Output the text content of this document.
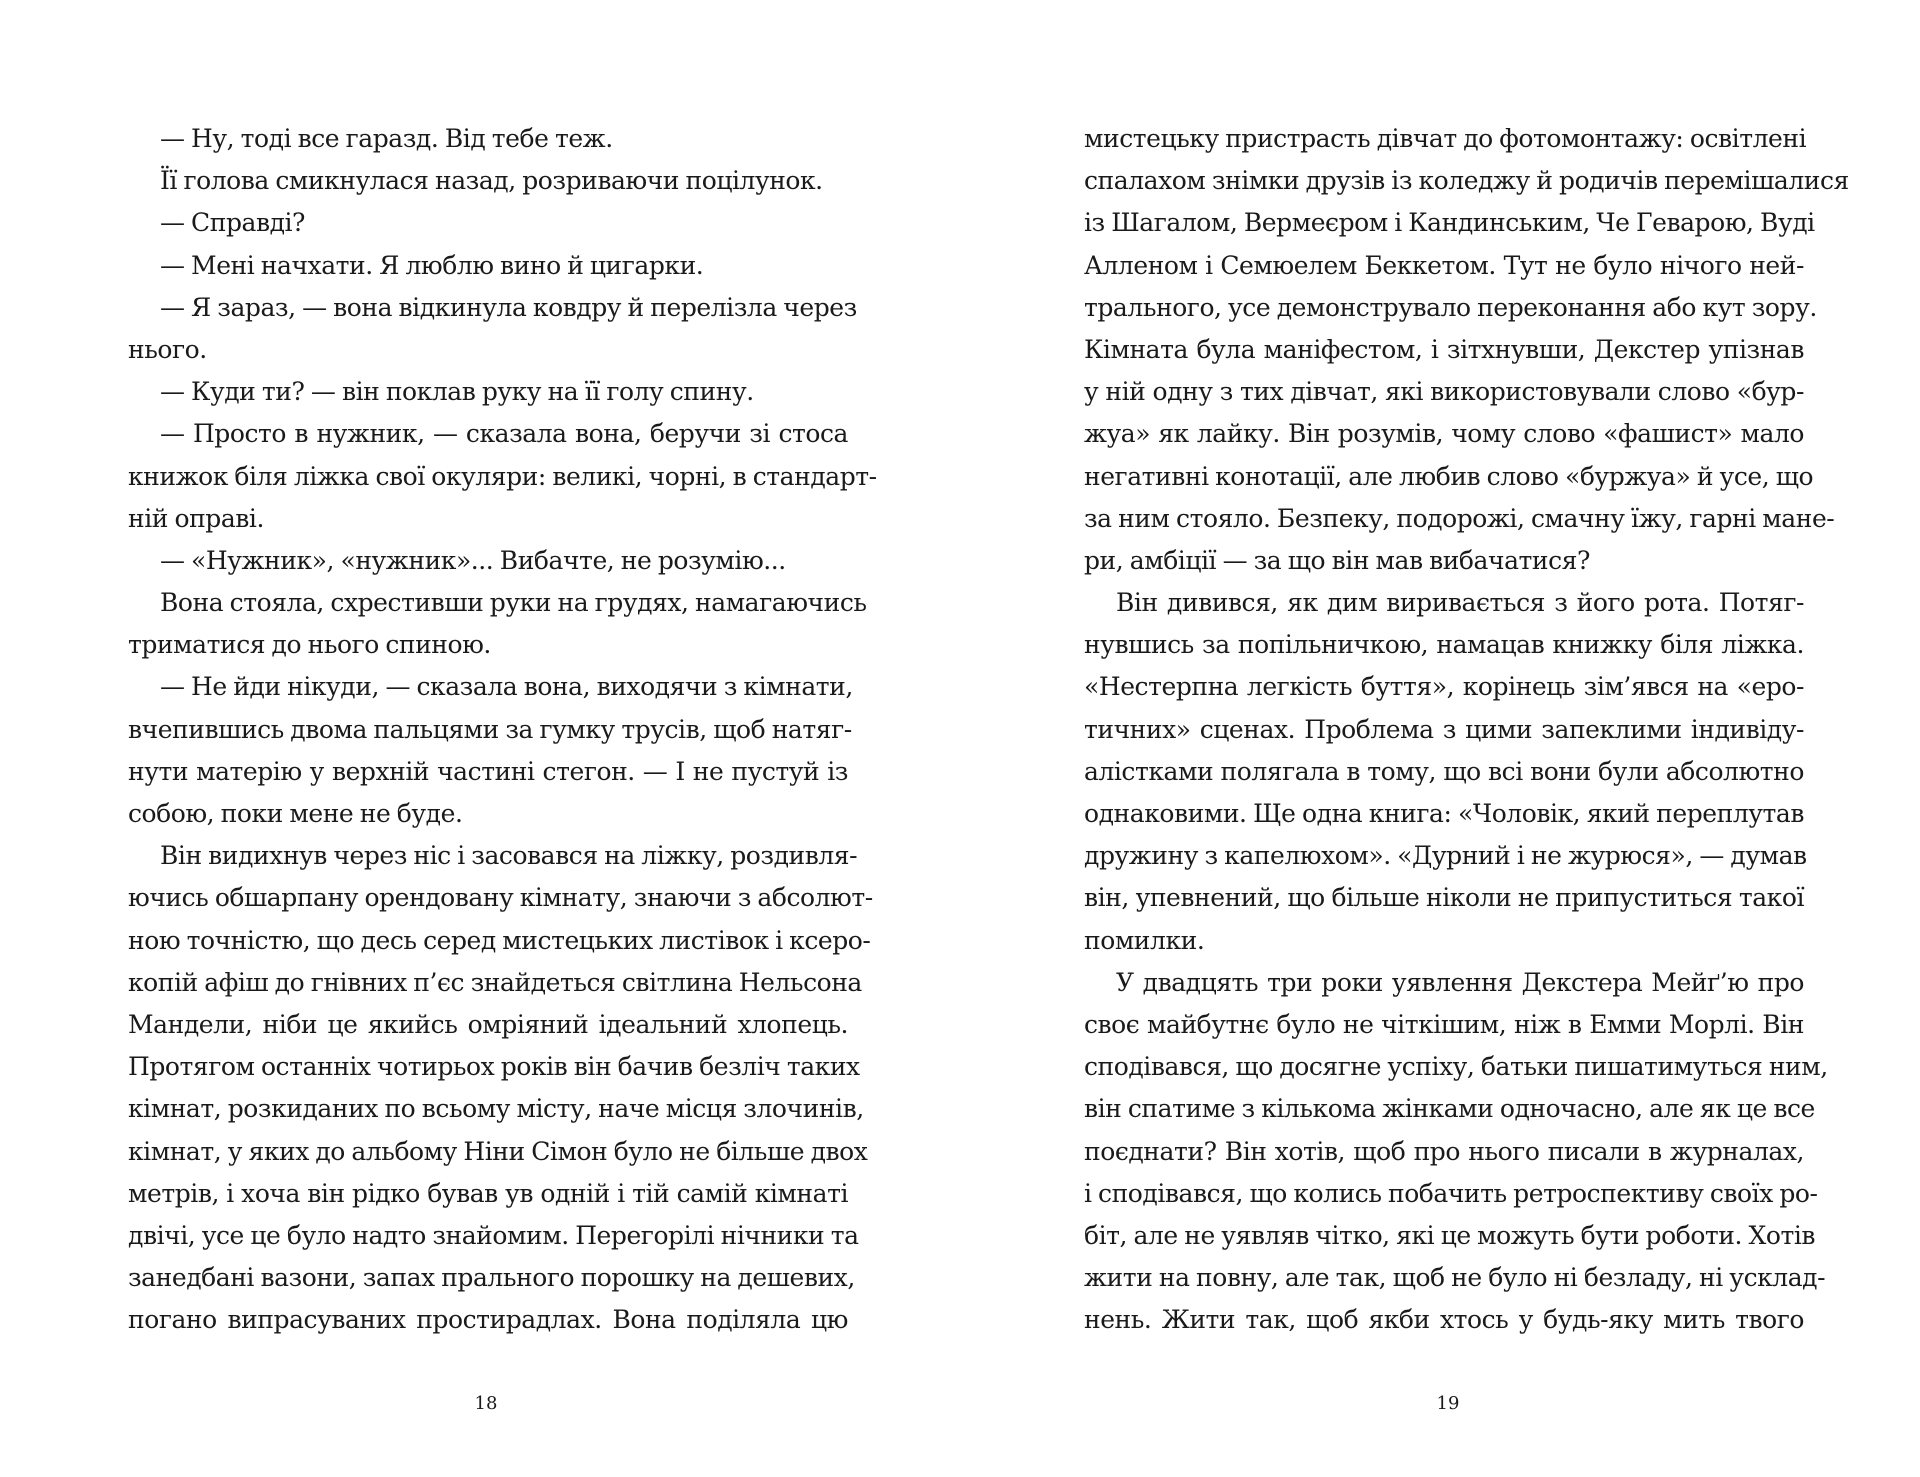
— Ну, тоді все гаразд. Від тебе теж.
Її голова смикнулася назад, розриваючи поцілунок.
— Справді?
— Мені начхати. Я люблю вино й цигарки.
— Я зараз, — вона відкинула ковдру й перелізла через
нього.
— Куди ти? — він поклав руку на її голу спину.
— Просто в нужник, — сказала вона, беручи зі стоса
книжок біля ліжка свої окуляри: великі, чорні, в стандарт-
ній оправі.
— «Нужник», «нужник»... Вибачте, не розумію...
Вона стояла, схрестивши руки на грудях, намагаючись
триматися до нього спиною.
— Не йди нікуди, — сказала вона, виходячи з кімнати,
вчепившись двома пальцями за гумку трусів, щоб натяг-
нути матерію у верхній частині стегон. — І не пустуй із
собою, поки мене не буде.
Він видихнув через ніс і засовався на ліжку, роздивля-
ючись обшарпану орендовану кімнату, знаючи з абсолют-
ною точністю, що десь серед мистецьких листівок і ксеро-
копій афіш до гнівних п’єс знайдеться світлина Нельсона
Мандели, ніби це якийсь омріяний ідеальний хлопець.
Протягом останніх чотирьох років він бачив безліч таких
кімнат, розкиданих по всьому місту, наче місця злочинів,
кімнат, у яких до альбому Ніни Сімон було не більше двох
метрів, і хоча він рідко бував ув одній і тій самій кімнаті
двічі, усе це було надто знайомим. Перегорілі нічники та
занедбані вазони, запах прального порошку на дешевих,
погано випрасуваних простирадлах. Вона поділяла цю
18
мистецьку пристрасть дівчат до фотомонтажу: освітлені
спалахом знімки друзів із коледжу й родичів перемішалися
із Шагалом, Вермеєром і Кандинським, Че Геварою, Вуді
Алленом і Семюелем Беккетом. Тут не було нічого ней-
трального, усе демонструвало переконання або кут зору.
Кімната була маніфестом, і зітхнувши, Декстер упізнав
у ній одну з тих дівчат, які використовували слово «бур-
жуа» як лайку. Він розумів, чому слово «фашист» мало
негативні конотації, але любив слово «буржуа» й усе, що
за ним стояло. Безпеку, подорожі, смачну їжу, гарні мане-
ри, амбіції — за що він мав вибачатися?
Він дивився, як дим виривається з його рота. Потяг-
нувшись за попільничкою, намацав книжку біля ліжка.
«Нестерпна легкість буття», корінець зім’явся на «еро-
тичних» сценах. Проблема з цими запеклими індивіду-
алістками полягала в тому, що всі вони були абсолютно
однаковими. Ще одна книга: «Чоловік, який переплутав
дружину з капелюхом». «Дурний і не журюся», — думав
він, упевнений, що більше ніколи не припуститься такої
помилки.
У двадцять три роки уявлення Декстера Мейґ’ю про
своє майбутнє було не чіткішим, ніж в Емми Морлі. Він
сподівався, що досягне успіху, батьки пишатимуться ним,
він спатиме з кількома жінками одночасно, але як це все
поєднати? Він хотів, щоб про нього писали в журналах,
і сподівався, що колись побачить ретроспективу своїх ро-
біт, але не уявляв чітко, які це можуть бути роботи. Хотів
жити на повну, але так, щоб не було ні безладу, ні усклад-
нень. Жити так, щоб якби хтось у будь-яку мить твого
19
